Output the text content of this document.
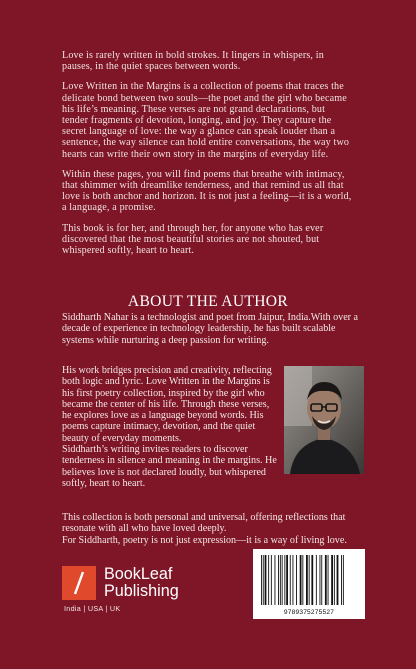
Love is rarely written in bold strokes. It lingers in whispers, in pauses, in the quiet spaces between words.

Love Written in the Margins is a collection of poems that traces the delicate bond between two souls—the poet and the girl who became his life’s meaning. These verses are not grand declarations, but tender fragments of devotion, longing, and joy. They capture the secret language of love: the way a glance can speak louder than a sentence, the way silence can hold entire conversations, the way two hearts can write their own story in the margins of everyday life.

Within these pages, you will find poems that breathe with intimacy, that shimmer with dreamlike tenderness, and that remind us all that love is both anchor and horizon. It is not just a feeling—it is a world, a language, a promise.

This book is for her, and through her, for anyone who has ever discovered that the most beautiful stories are not shouted, but whispered softly, heart to heart.

ABOUT THE AUTHOR

Siddharth Nahar is a technologist and poet from Jaipur, India.With over a decade of experience in technology leadership, he has built scalable systems while nurturing a deep passion for writing.

His work bridges precision and creativity, reflecting both logic and lyric. Love Written in the Margins is his first poetry collection, inspired by the girl who became the center of his life. Through these verses, he explores love as a language beyond words. His poems capture intimacy, devotion, and the quiet beauty of everyday moments.

Siddharth’s writing invites readers to discover tenderness in silence and meaning in the margins. He believes love is not declared loudly, but whispered softly, heart to heart.

This collection is both personal and universal, offering reflections that resonate with all who have loved deeply.

For Siddharth, poetry is not just expression—it is a way of living love.

BookLeaf
Publishing
India | USA | UK	9789375275527
